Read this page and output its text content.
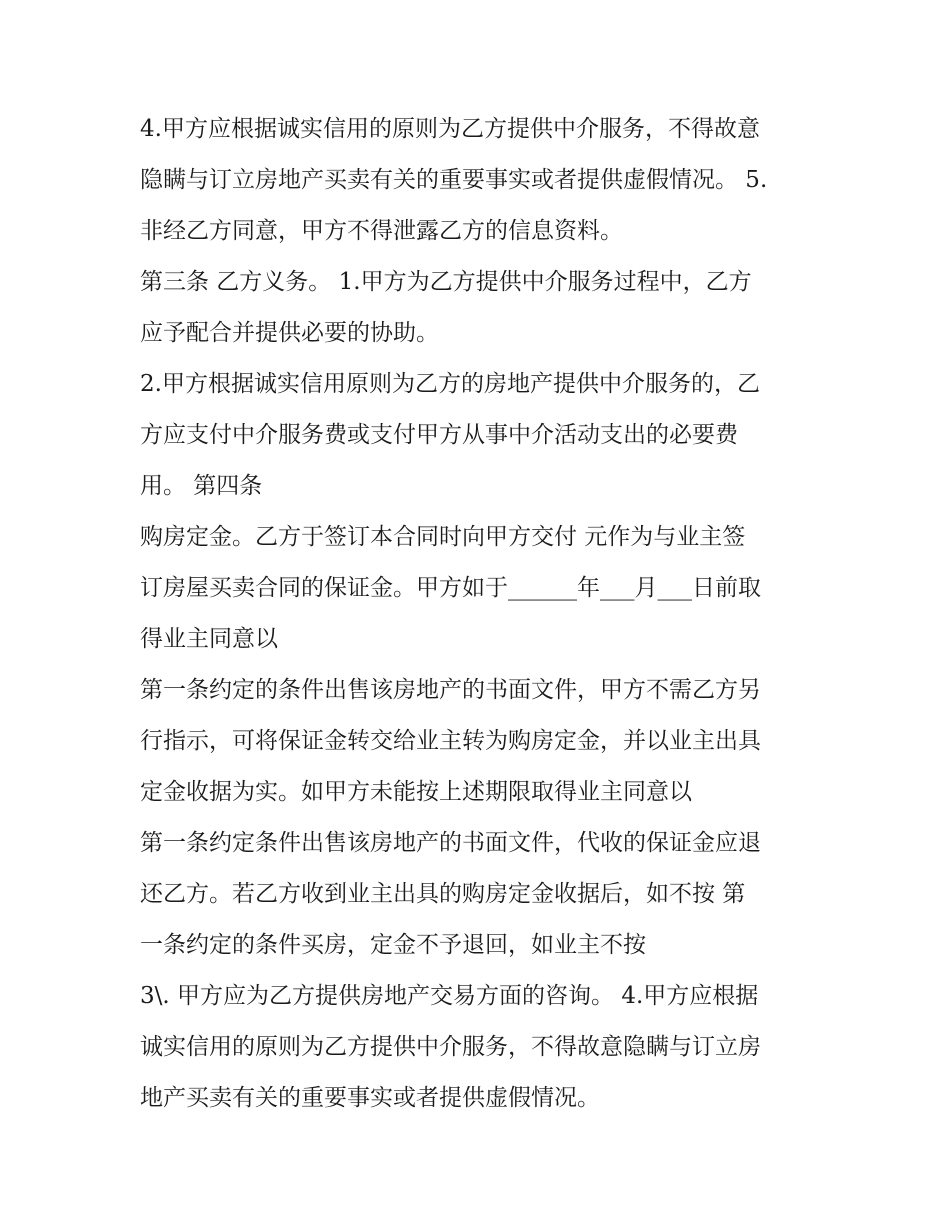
4.甲方应根据诚实信用的原则为乙方提供中介服务，不得故意
隐瞒与订立房地产买卖有关的重要事实或者提供虚假情况。 5.
非经乙方同意，甲方不得泄露乙方的信息资料。
第三条 乙方义务。 1.甲方为乙方提供中介服务过程中，乙方
应予配合并提供必要的协助。
2.甲方根据诚实信用原则为乙方的房地产提供中介服务的，乙
方应支付中介服务费或支付甲方从事中介活动支出的必要费
用。 第四条
购房定金。乙方于签订本合同时向甲方交付 元作为与业主签
订房屋买卖合同的保证金。甲方如于______年___月___日前取
得业主同意以
第一条约定的条件出售该房地产的书面文件，甲方不需乙方另
行指示，可将保证金转交给业主转为购房定金，并以业主出具
定金收据为实。如甲方未能按上述期限取得业主同意以
第一条约定条件出售该房地产的书面文件，代收的保证金应退
还乙方。若乙方收到业主出具的购房定金收据后，如不按 第
一条约定的条件买房，定金不予退回，如业主不按
3\. 甲方应为乙方提供房地产交易方面的咨询。 4.甲方应根据
诚实信用的原则为乙方提供中介服务，不得故意隐瞒与订立房
地产买卖有关的重要事实或者提供虚假情况。
